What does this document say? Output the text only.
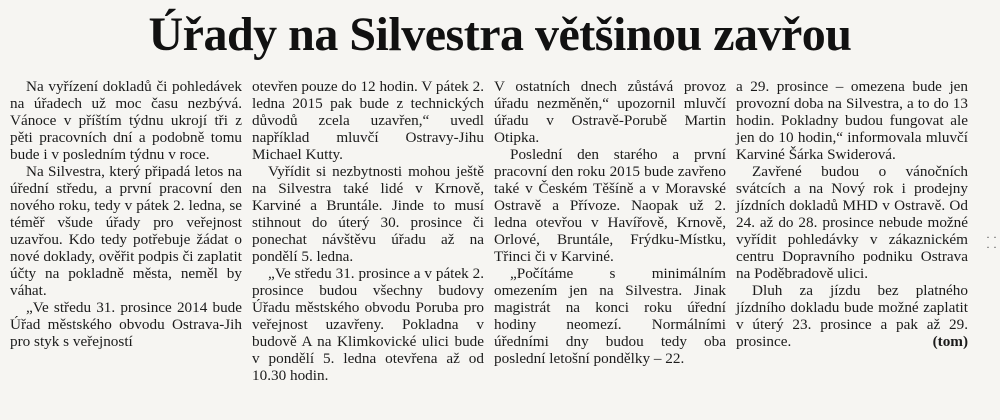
Úřady na Silvestra většinou zavřou

Na vyřízení dokladů či pohledávek na úřadech už moc času nezbývá. Vánoce v příštím týdnu ukrojí tři z pěti pracovních dní a podobně tomu bude i v posledním týdnu v roce.

Na Silvestra, který připadá letos na úřední středu, a první pracovní den nového roku, tedy v pátek 2. ledna, se téměř všude úřady pro veřejnost uzavřou. Kdo tedy potřebuje žádat o nové doklady, ověřit podpis či zaplatit účty na pokladně města, neměl by váhat.

„Ve středu 31. prosince 2014 bude Úřad městského obvodu Ostrava-Jih pro styk s veřejností

otevřen pouze do 12 hodin. V pátek 2. ledna 2015 pak bude z technických důvodů zcela uzavřen,“ uvedl například mluvčí Ostravy-Jihu Michael Kutty.

Vyřídit si nezbytnosti mohou ještě na Silvestra také lidé v Krnově, Karviné a Bruntále. Jinde to musí stihnout do úterý 30. prosince či ponechat návštěvu úřadu až na pondělí 5. ledna.

„Ve středu 31. prosince a v pátek 2. prosince budou všechny budovy Úřadu městského obvodu Poruba pro veřejnost uzavřeny. Pokladna v budově A na Klimkovické ulici bude v pondělí 5. ledna otevřena až od 10.30 hodin.

V ostatních dnech zůstává provoz úřadu nezměněn,“ upozornil mluvčí úřadu v Ostravě-Porubě Martin Otipka.

Poslední den starého a první pracovní den roku 2015 bude zavřeno také v Českém Těšíně a v Moravské Ostravě a Přívoze. Naopak už 2. ledna otevřou v Havířově, Krnově, Orlové, Bruntále, Frýdku-Místku, Třinci či v Karviné.

„Počítáme s minimálním omezením jen na Silvestra. Jinak magistrát na konci roku úřední hodiny neomezí. Normálními úředními dny budou tedy oba poslední letošní pondělky – 22.

a 29. prosince – omezena bude jen provozní doba na Silvestra, a to do 13 hodin. Pokladny budou fungovat ale jen do 10 hodin,“ informovala mluvčí Karviné Šárka Swiderová.

Zavřené budou o vánočních svátcích a na Nový rok i prodejny jízdních dokladů MHD v Ostravě. Od 24. až do 28. prosince nebude možné vyřídit pohledávky v zákaznickém centru Dopravního podniku Ostrava na Poděbradově ulici.

Dluh za jízdu bez platného jízdního dokladu bude možné zaplatit v úterý 23. prosince a pak až 29. prosince.	(tom)

· ·
· ·
